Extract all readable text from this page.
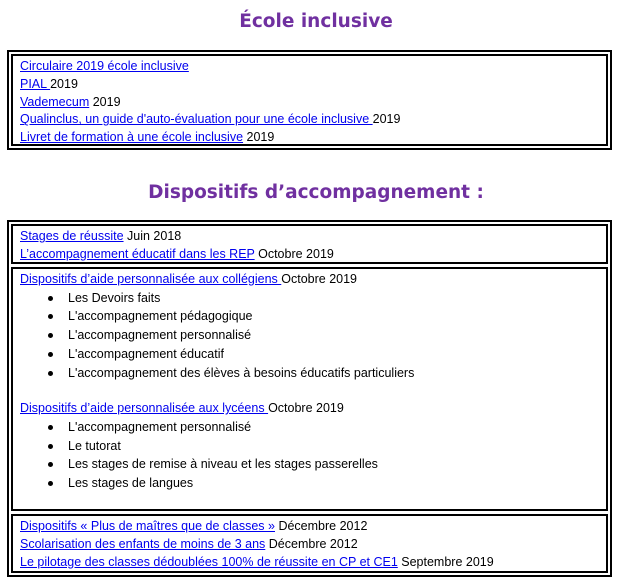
École inclusive
Circulaire 2019 école inclusive
PIAL 2019
Vademecum 2019
Qualinclus, un guide d'auto-évaluation pour une école inclusive 2019
Livret de formation à une école inclusive 2019
Dispositifs d’accompagnement :
Stages de réussite Juin 2018
L’accompagnement éducatif dans les REP Octobre 2019
Dispositifs d’aide personnalisée aux collégiens Octobre 2019
Les Devoirs faits
L'accompagnement pédagogique
L'accompagnement personnalisé
L'accompagnement éducatif
L'accompagnement des élèves à besoins éducatifs particuliers
Dispositifs d’aide personnalisée aux lycéens Octobre 2019
L'accompagnement personnalisé
Le tutorat
Les stages de remise à niveau et les stages passerelles
Les stages de langues
Dispositifs « Plus de maîtres que de classes » Décembre 2012
Scolarisation des enfants de moins de 3 ans Décembre 2012
Le pilotage des classes dédoublées 100% de réussite en CP et CE1 Septembre 2019
